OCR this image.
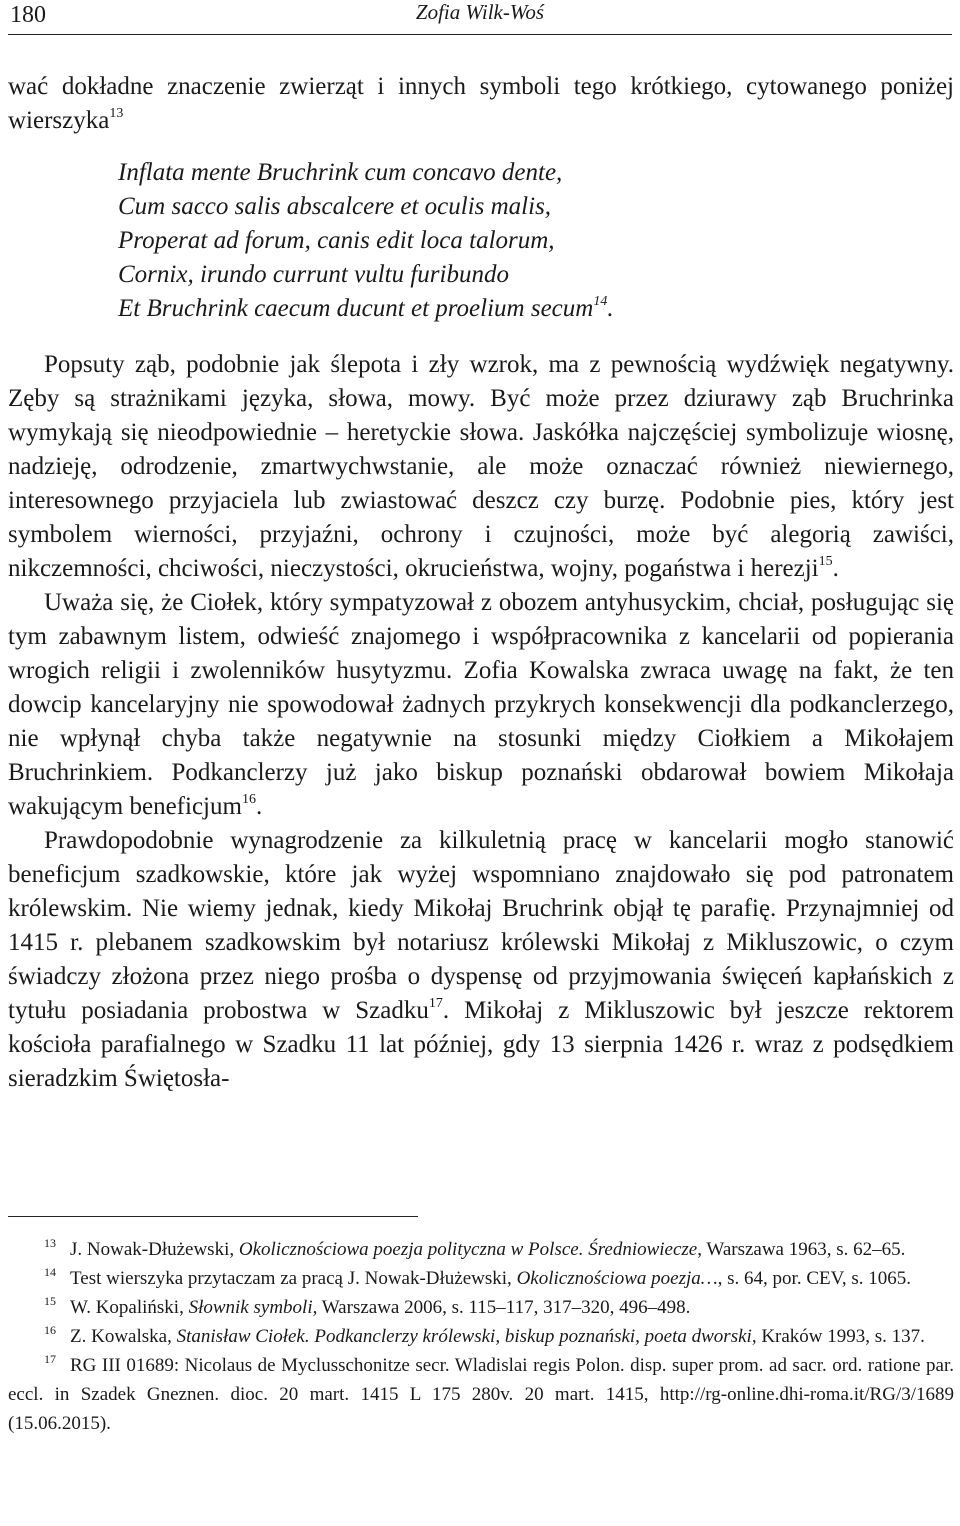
180	Zofia Wilk-Woś

wać dokładne znaczenie zwierząt i innych symboli tego krótkiego, cytowanego poniżej wierszyka$^{13}$

Inflata mente Bruchrink cum concavo dente,
Cum sacco salis abscalcere et oculis malis,
Properat ad forum, canis edit loca talorum,
Cornix, irundo currunt vultu furibundo
Et Bruchrink caecum ducunt et proelium secum$^{14}$.

Popsuty ząb, podobnie jak ślepota i zły wzrok, ma z pewnością wydźwięk negatywny. Zęby są strażnikami języka, słowa, mowy. Być może przez dziurawy ząb Bruchrinka wymykają się nieodpowiednie – heretyckie słowa. Jaskółka najczęściej symbolizuje wiosnę, nadzieję, odrodzenie, zmartwychwstanie, ale może oznaczać również niewiernego, interesownego przyjaciela lub zwiastować deszcz czy burzę. Podobnie pies, który jest symbolem wierności, przyjaźni, ochrony i czujności, może być alegorią zawiści, nikczemności, chciwości, nieczystości, okrucieństwa, wojny, pogaństwa i herezji$^{15}$.

Uważa się, że Ciołek, który sympatyzował z obozem antyhusyckim, chciał, posługując się tym zabawnym listem, odwieść znajomego i współpracownika z kancelarii od popierania wrogich religii i zwolenników husytyzmu. Zofia Kowalska zwraca uwagę na fakt, że ten dowcip kancelaryjny nie spowodował żadnych przykrych konsekwencji dla podkanclerzego, nie wpłynął chyba także negatywnie na stosunki między Ciołkiem a Mikołajem Bruchrinkiem. Podkanclerzy już jako biskup poznański obdarował bowiem Mikołaja wakującym beneficjum$^{16}$.

Prawdopodobnie wynagrodzenie za kilkuletnią pracę w kancelarii mogło stanowić beneficjum szadkowskie, które jak wyżej wspomniano znajdowało się pod patronatem królewskim. Nie wiemy jednak, kiedy Mikołaj Bruchrink objął tę parafię. Przynajmniej od 1415 r. plebanem szadkowskim był notariusz królewski Mikołaj z Mikluszowic, o czym świadczy złożona przez niego prośba o dyspensę od przyjmowania święceń kapłańskich z tytułu posiadania probostwa w Szadku$^{17}$. Mikołaj z Mikluszowic był jeszcze rektorem kościoła parafialnego w Szadku 11 lat później, gdy 13 sierpnia 1426 r. wraz z podsędkiem sieradzkim Świętosła-

$^{13}$ J. Nowak-Dłużewski, Okolicznościowa poezja polityczna w Polsce. Średniowiecze, Warszawa 1963, s. 62–65.

$^{14}$ Test wierszyka przytaczam za pracą J. Nowak-Dłużewski, Okolicznościowa poezja…, s. 64, por. CEV, s. 1065.

$^{15}$ W. Kopaliński, Słownik symboli, Warszawa 2006, s. 115–117, 317–320, 496–498.

$^{16}$ Z. Kowalska, Stanisław Ciołek. Podkanclerzy królewski, biskup poznański, poeta dworski, Kraków 1993, s. 137.

$^{17}$ RG III 01689: Nicolaus de Myclusschonitze secr. Wladislai regis Polon. disp. super prom. ad sacr. ord. ratione par. eccl. in Szadek Gneznen. dioc. 20 mart. 1415 L 175 280v. 20 mart. 1415, http://rg-online.dhi-roma.it/RG/3/1689 (15.06.2015).
